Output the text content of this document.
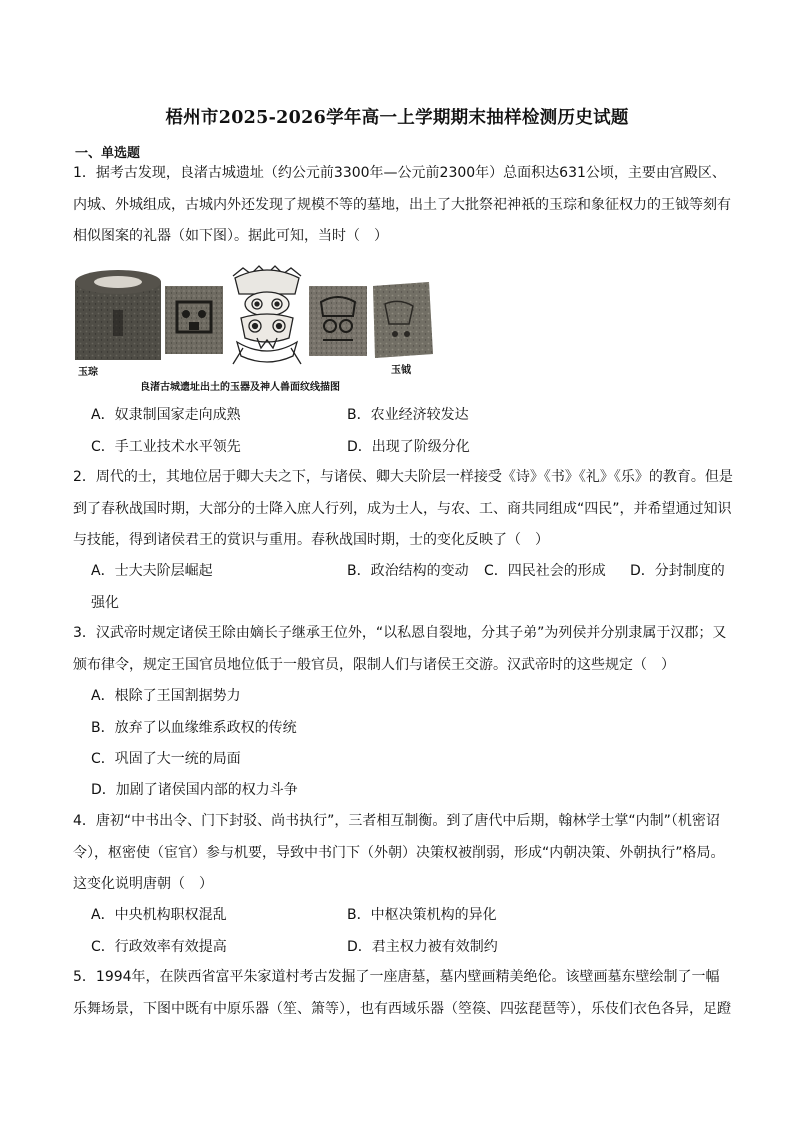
梧州市2025-2026学年高一上学期期末抽样检测历史试题
一、单选题

1．据考古发现，良渚古城遗址（约公元前3300年—公元前2300年）总面积达631公顷，主要由宫殿区、内城、外城组成，古城内外还发现了规模不等的墓地，出土了大批祭祀神祇的玉琮和象征权力的王钺等刻有相似图案的礼器（如下图）。据此可知，当时（　）

玉琮	玉钺
良渚古城遗址出土的玉器及神人兽面纹线描图
A．奴隶制国家走向成熟	B．农业经济较发达
C．手工业技术水平领先	D．出现了阶级分化

2．周代的士，其地位居于卿大夫之下，与诸侯、卿大夫阶层一样接受《诗》《书》《礼》《乐》的教育。但是到了春秋战国时期，大部分的士降入庶人行列，成为士人，与农、工、商共同组成“四民”，并希望通过知识与技能，得到诸侯君王的赏识与重用。春秋战国时期，士的变化反映了（　）

A．士大夫阶层崛起	B．政治结构的变动 C．四民社会的形成 D．分封制度的
强化

3．汉武帝时规定诸侯王除由嫡长子继承王位外，“以私恩自裂地，分其子弟”为列侯并分别隶属于汉郡；又颁布律令，规定王国官员地位低于一般官员，限制人们与诸侯王交游。汉武帝时的这些规定（　）

A．根除了王国割据势力
B．放弃了以血缘维系政权的传统
C．巩固了大一统的局面
D．加剧了诸侯国内部的权力斗争

4．唐初“中书出令、门下封驳、尚书执行”，三者相互制衡。到了唐代中后期，翰林学士掌“内制”（机密诏令），枢密使（宦官）参与机要，导致中书门下（外朝）决策权被削弱，形成“内朝决策、外朝执行”格局。这变化说明唐朝（　）

A．中央机构职权混乱	B．中枢决策机构的异化
C．行政效率有效提高	D．君主权力被有效制约

5．1994年，在陕西省富平朱家道村考古发掘了一座唐墓，墓内壁画精美绝伦。该壁画墓东壁绘制了一幅乐舞场景，下图中既有中原乐器（笙、箫等），也有西域乐器（箜篌、四弦琵琶等），乐伎们衣色各异，足蹬
